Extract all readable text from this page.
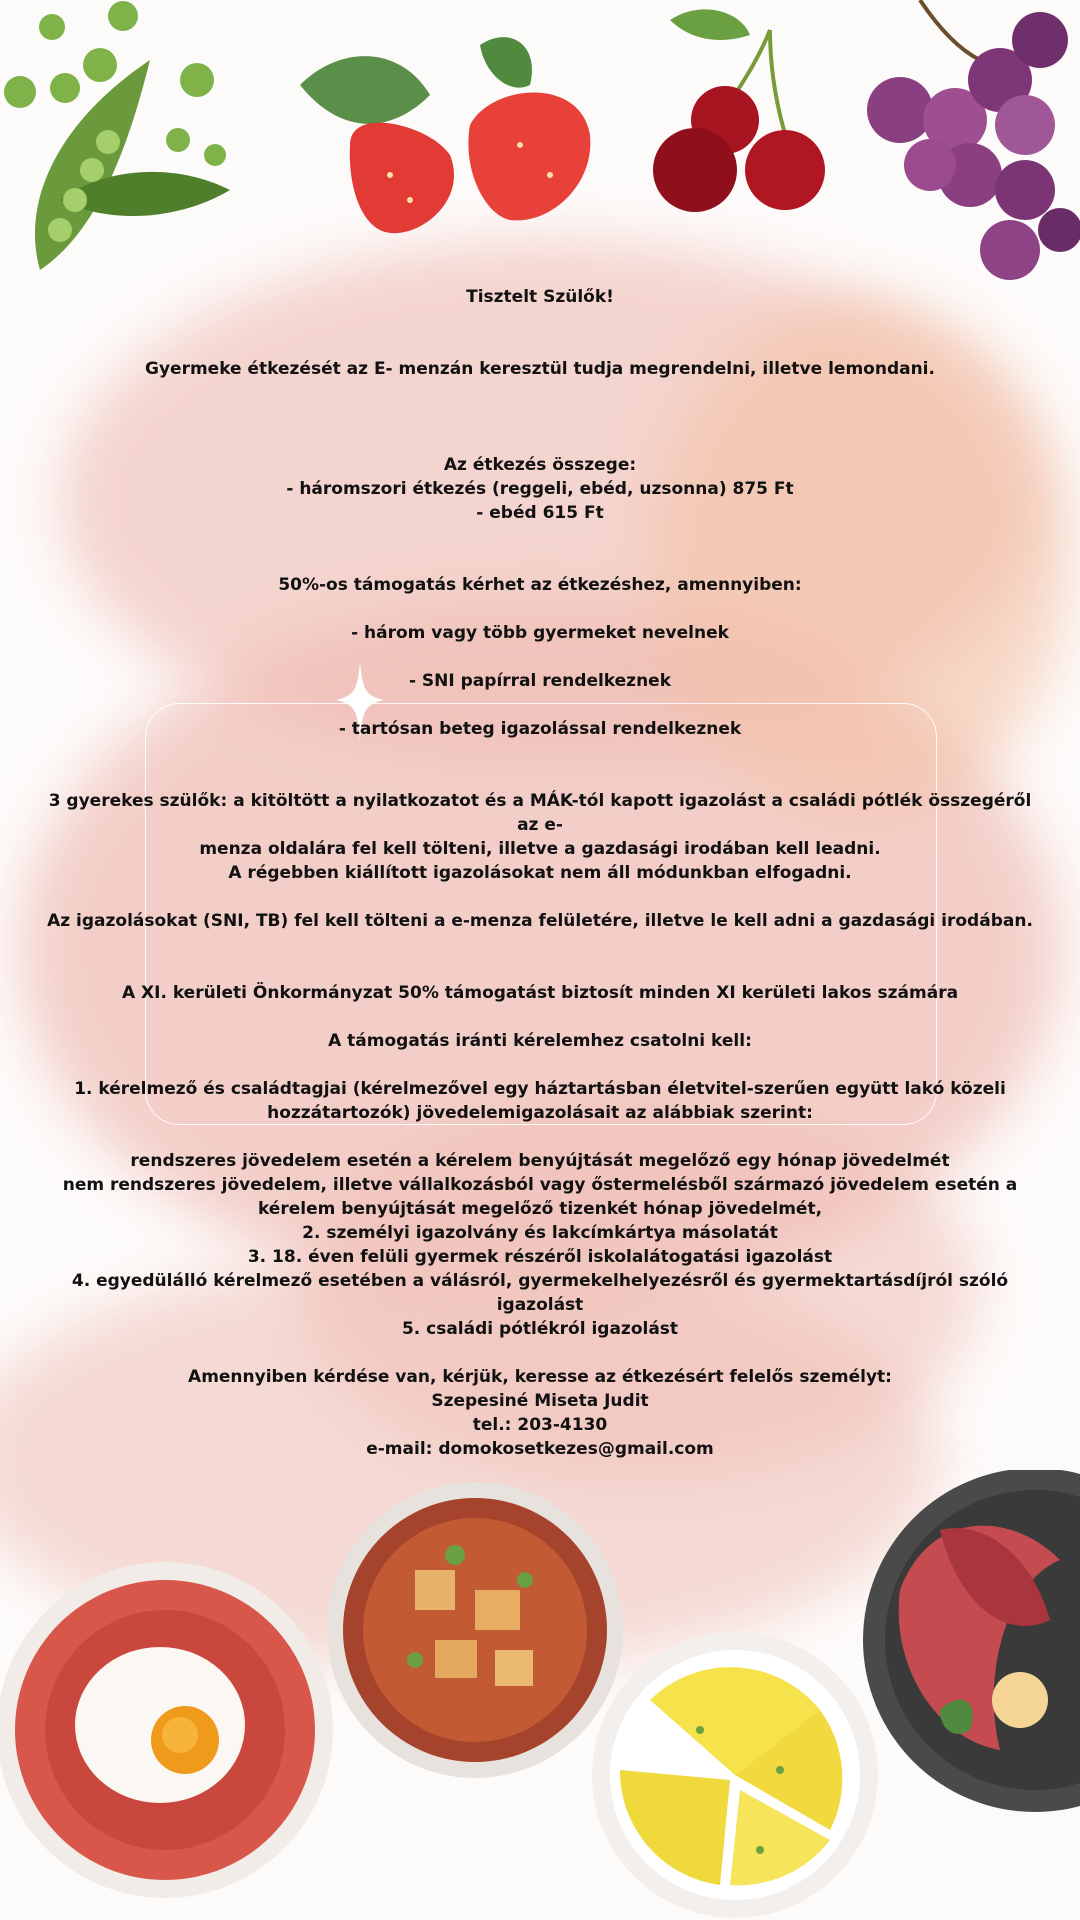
Tisztelt Szülők!

Gyermeke étkezését az E- menzán keresztül tudja megrendelni, illetve lemondani.

Az étkezés összege:

- háromszori étkezés (reggeli, ebéd, uzsonna) 875 Ft

- ebéd 615 Ft

50%-os támogatás kérhet az étkezéshez, amennyiben:

- három vagy több gyermeket nevelnek

- SNI papírral rendelkeznek

- tartósan beteg igazolással rendelkeznek

3 gyerekes szülők: a kitöltött a nyilatkozatot és a MÁK-tól kapott igazolást a családi pótlék összegéről az e-

menza oldalára fel kell tölteni, illetve a gazdasági irodában kell leadni.

A régebben kiállított igazolásokat nem áll módunkban elfogadni.

Az igazolásokat (SNI, TB) fel kell tölteni a e-menza felületére, illetve le kell adni a gazdasági irodában.

A XI. kerületi Önkormányzat 50% támogatást biztosít minden XI kerületi lakos számára

A támogatás iránti kérelemhez csatolni kell:

1. kérelmező és családtagjai (kérelmezővel egy háztartásban életvitel-szerűen együtt lakó közeli

hozzátartozók) jövedelemigazolásait az alábbiak szerint:

rendszeres jövedelem esetén a kérelem benyújtását megelőző egy hónap jövedelmét

nem rendszeres jövedelem, illetve vállalkozásból vagy őstermelésből származó jövedelem esetén a

kérelem benyújtását megelőző tizenkét hónap jövedelmét,

2. személyi igazolvány és lakcímkártya másolatát

3. 18. éven felüli gyermek részéről iskolalátogatási igazolást

4. egyedülálló kérelmező esetében a válásról, gyermekelhelyezésről és gyermektartásdíjról szóló igazolást

5. családi pótlékról igazolást

Amennyiben kérdése van, kérjük, keresse az étkezésért felelős személyt:

Szepesiné Miseta Judit

tel.: 203-4130

e-mail: domokosetkezes@gmail.com
